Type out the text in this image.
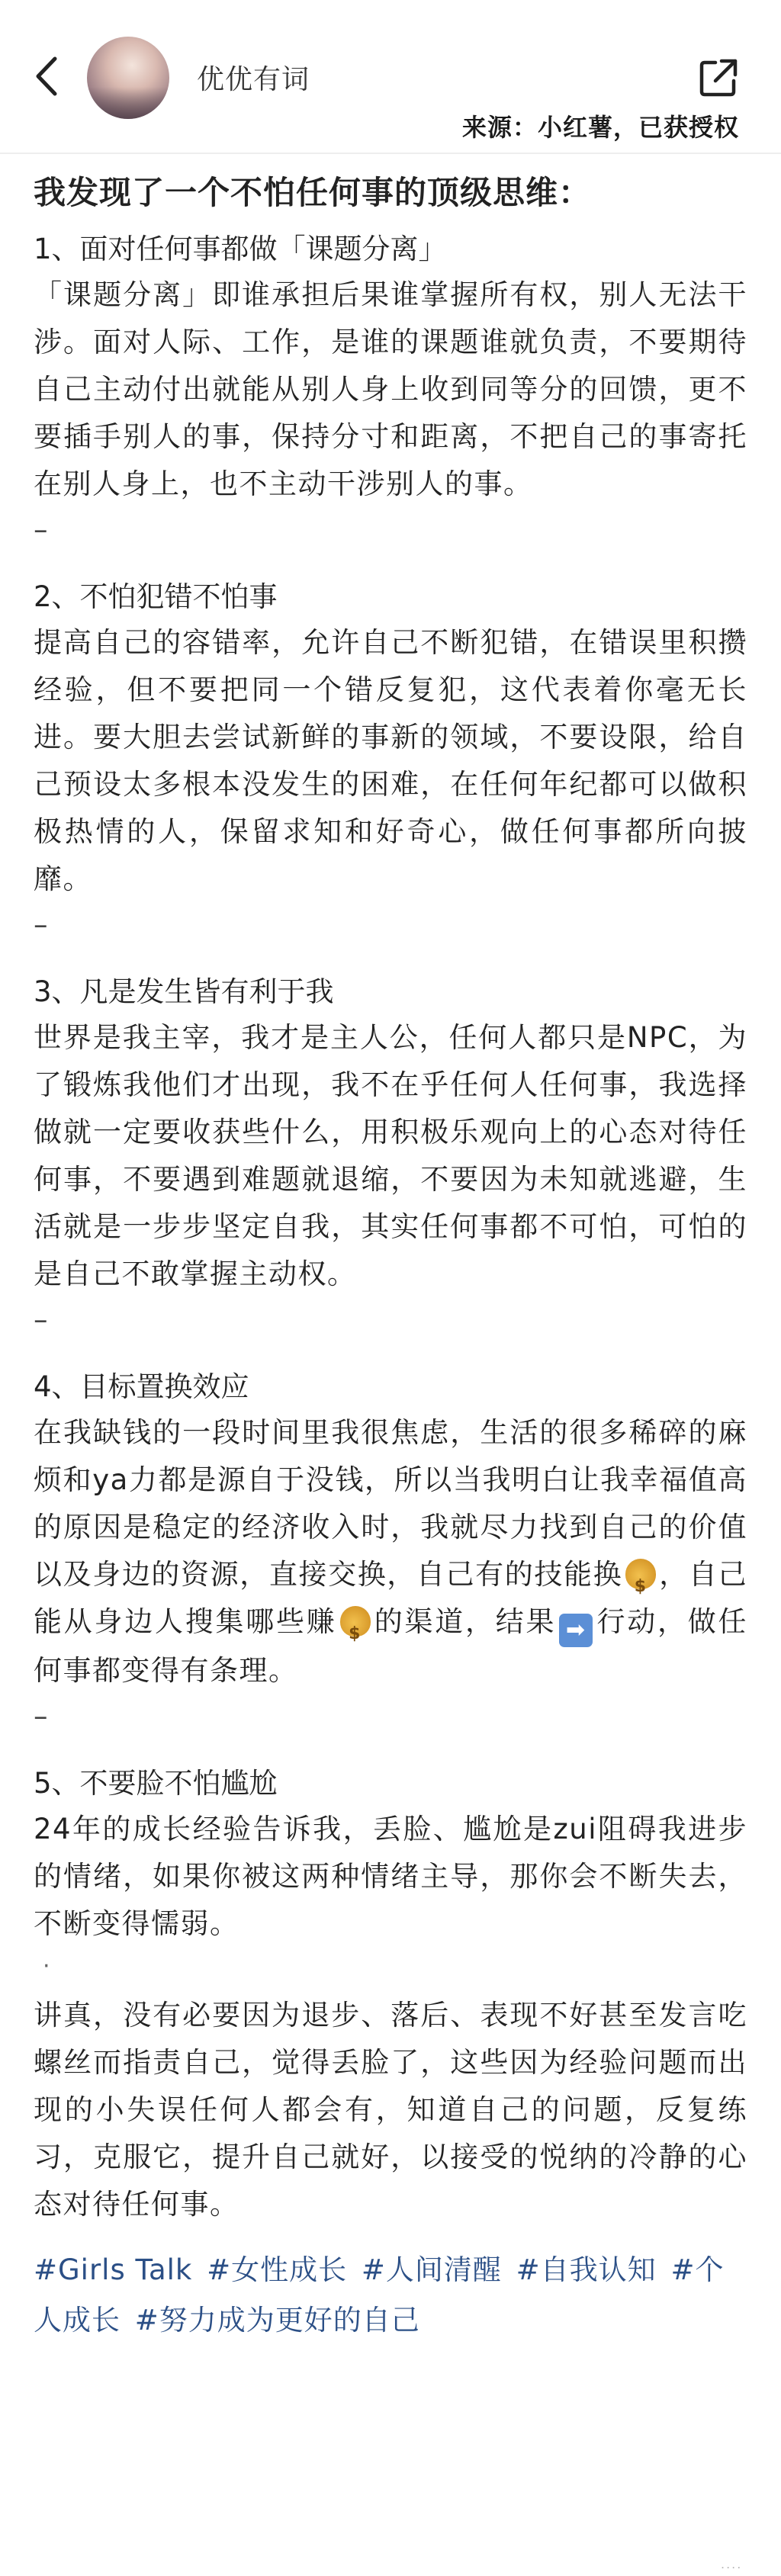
优优有词
来源：小红薯，已获授权
我发现了一个不怕任何事的顶级思维：
1、面对任何事都做「课题分离」
「课题分离」即谁承担后果谁掌握所有权，别人无法干涉。面对人际、工作，是谁的课题谁就负责，不要期待自己主动付出就能从别人身上收到同等分的回馈，更不要插手别人的事，保持分寸和距离，不把自己的事寄托在别人身上，也不主动干涉别人的事。
–
2、不怕犯错不怕事
提高自己的容错率，允许自己不断犯错，在错误里积攒经验，但不要把同一个错反复犯，这代表着你毫无长进。要大胆去尝试新鲜的事新的领域，不要设限，给自己预设太多根本没发生的困难，在任何年纪都可以做积极热情的人，保留求知和好奇心，做任何事都所向披靡。
–
3、凡是发生皆有利于我
世界是我主宰，我才是主人公，任何人都只是NPC，为了锻炼我他们才出现，我不在乎任何人任何事，我选择做就一定要收获些什么，用积极乐观向上的心态对待任何事，不要遇到难题就退缩，不要因为未知就逃避，生活就是一步步坚定自我，其实任何事都不可怕，可怕的是自己不敢掌握主动权。
–
4、目标置换效应
在我缺钱的一段时间里我很焦虑，生活的很多稀碎的麻烦和ya力都是源自于没钱，所以当我明白让我幸福值高的原因是稳定的经济收入时，我就尽力找到自己的价值以及身边的资源，直接交换，自己有的技能换 $ ，自己能从身边人搜集哪些赚 $ 的渠道，结果 ➡ 行动，做任何事都变得有条理。
–
5、不要脸不怕尴尬
24年的成长经验告诉我，丢脸、尴尬是zui阻碍我进步的情绪，如果你被这两种情绪主导，那你会不断失去，不断变得懦弱。
·
讲真，没有必要因为退步、落后、表现不好甚至发言吃螺丝而指责自己，觉得丢脸了，这些因为经验问题而出现的小失误任何人都会有，知道自己的问题，反复练习，克服它，提升自己就好，以接受的悦纳的冷静的心态对待任何事。
#Girls Talk #女性成长 #人间清醒 #自我认知 #个人成长 #努力成为更好的自己
....
